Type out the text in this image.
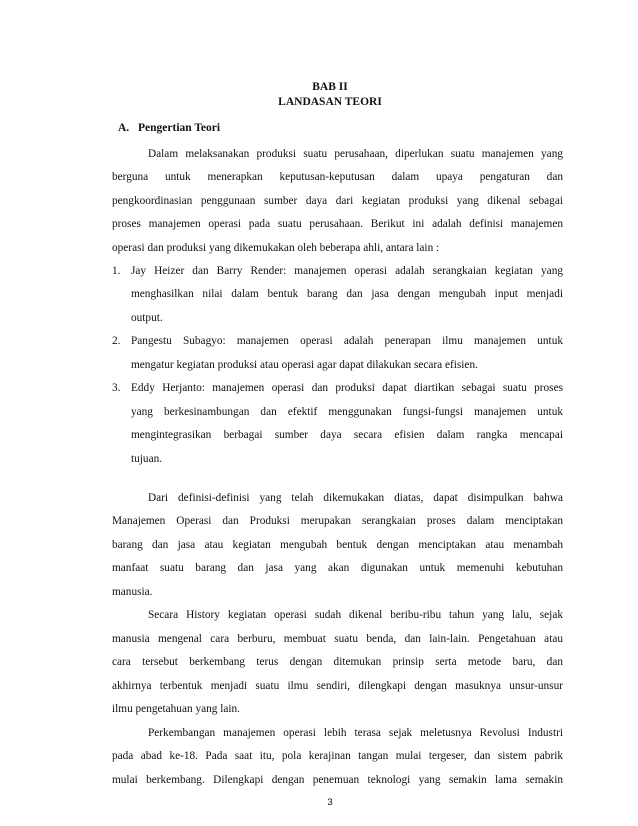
BAB II
LANDASAN TEORI
A. Pengertian Teori
Dalam melaksanakan produksi suatu perusahaan, diperlukan suatu manajemen yang
berguna untuk menerapkan keputusan-keputusan dalam upaya pengaturan dan
pengkoordinasian penggunaan sumber daya dari kegiatan produksi yang dikenal sebagai
proses manajemen operasi pada suatu perusahaan. Berikut ini adalah definisi manajemen
operasi dan produksi yang dikemukakan oleh beberapa ahli, antara lain :
1. Jay Heizer dan Barry Render: manajemen operasi adalah serangkaian kegiatan yang
menghasilkan nilai dalam bentuk barang dan jasa dengan mengubah input menjadi
output.
2. Pangestu Subagyo: manajemen operasi adalah penerapan ilmu manajemen untuk
mengatur kegiatan produksi atau operasi agar dapat dilakukan secara efisien.
3. Eddy Herjanto: manajemen operasi dan produksi dapat diartikan sebagai suatu proses
yang berkesinambungan dan efektif menggunakan fungsi-fungsi manajemen untuk
mengintegrasikan berbagai sumber daya secara efisien dalam rangka mencapai
tujuan.
Dari definisi-definisi yang telah dikemukakan diatas, dapat disimpulkan bahwa
Manajemen Operasi dan Produksi merupakan serangkaian proses dalam menciptakan
barang dan jasa atau kegiatan mengubah bentuk dengan menciptakan atau menambah
manfaat suatu barang dan jasa yang akan digunakan untuk memenuhi kebutuhan
manusia.
Secara History kegiatan operasi sudah dikenal beribu-ribu tahun yang lalu, sejak
manusia mengenal cara berburu, membuat suatu benda, dan lain-lain. Pengetahuan atau
cara tersebut berkembang terus dengan ditemukan prinsip serta metode baru, dan
akhirnya terbentuk menjadi suatu ilmu sendiri, dilengkapi dengan masuknya unsur-unsur
ilmu pengetahuan yang lain.
Perkembangan manajemen operasi lebih terasa sejak meletusnya Revolusi Industri
pada abad ke-18. Pada saat itu, pola kerajinan tangan mulai tergeser, dan sistem pabrik
mulai berkembang. Dilengkapi dengan penemuan teknologi yang semakin lama semakin
3
